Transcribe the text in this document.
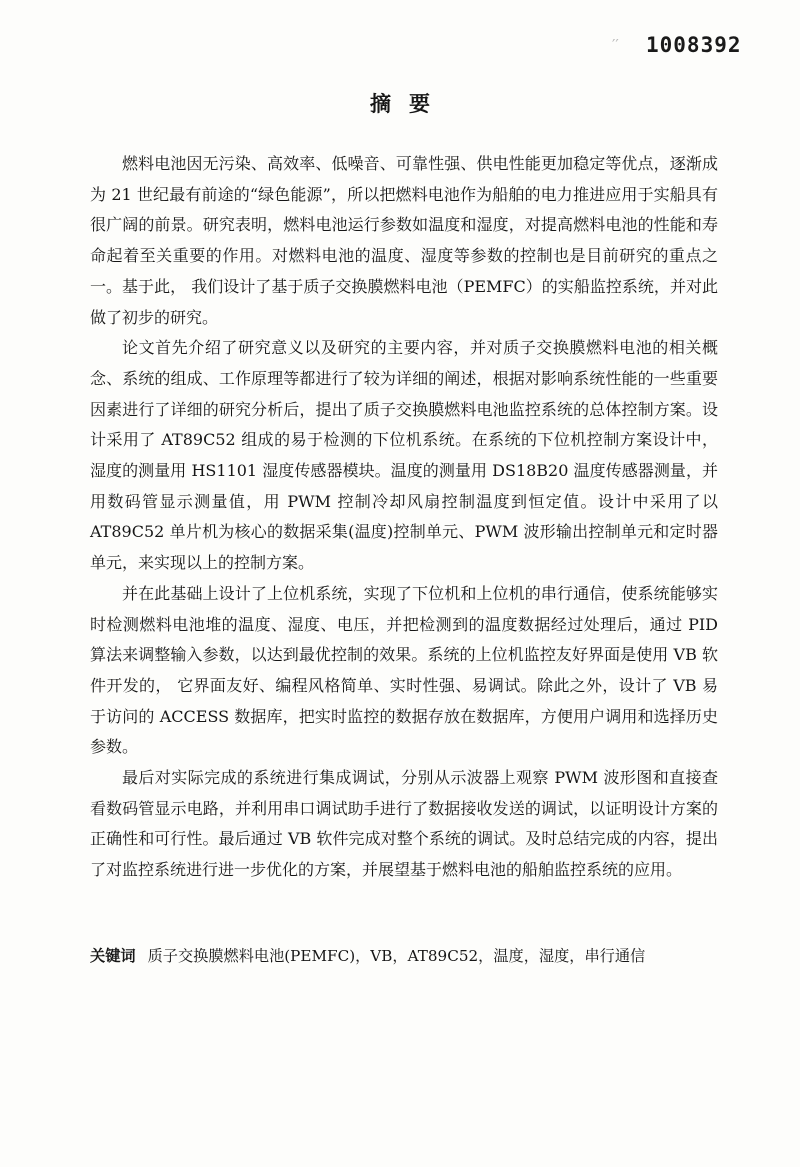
′′ 1008392
摘要

燃料电池因无污染、高效率、低噪音、可靠性强、供电性能更加稳定等优点，逐渐成为 21 世纪最有前途的“绿色能源”，所以把燃料电池作为船舶的电力推进应用于实船具有很广阔的前景。研究表明，燃料电池运行参数如温度和湿度，对提高燃料电池的性能和寿命起着至关重要的作用。对燃料电池的温度、湿度等参数的控制也是目前研究的重点之一。基于此， 我们设计了基于质子交换膜燃料电池（PEMFC）的实船监控系统，并对此做了初步的研究。

论文首先介绍了研究意义以及研究的主要内容，并对质子交换膜燃料电池的相关概念、系统的组成、工作原理等都进行了较为详细的阐述，根据对影响系统性能的一些重要因素进行了详细的研究分析后，提出了质子交换膜燃料电池监控系统的总体控制方案。设计采用了 AT89C52 组成的易于检测的下位机系统。在系统的下位机控制方案设计中，湿度的测量用 HS1101 湿度传感器模块。温度的测量用 DS18B20 温度传感器测量，并用数码管显示测量值，用 PWM 控制冷却风扇控制温度到恒定值。设计中采用了以 AT89C52 单片机为核心的数据采集(温度)控制单元、PWM 波形输出控制单元和定时器单元，来实现以上的控制方案。

并在此基础上设计了上位机系统，实现了下位机和上位机的串行通信，使系统能够实时检测燃料电池堆的温度、湿度、电压，并把检测到的温度数据经过处理后，通过 PID 算法来调整输入参数，以达到最优控制的效果。系统的上位机监控友好界面是使用 VB 软件开发的， 它界面友好、编程风格简单、实时性强、易调试。除此之外，设计了 VB 易于访问的 ACCESS 数据库，把实时监控的数据存放在数据库，方便用户调用和选择历史参数。

最后对实际完成的系统进行集成调试，分别从示波器上观察 PWM 波形图和直接查看数码管显示电路，并利用串口调试助手进行了数据接收发送的调试，以证明设计方案的正确性和可行性。最后通过 VB 软件完成对整个系统的调试。及时总结完成的内容，提出了对监控系统进行进一步优化的方案，并展望基于燃料电池的船舶监控系统的应用。

关键词 质子交换膜燃料电池(PEMFC)，VB，AT89C52，温度，湿度，串行通信
